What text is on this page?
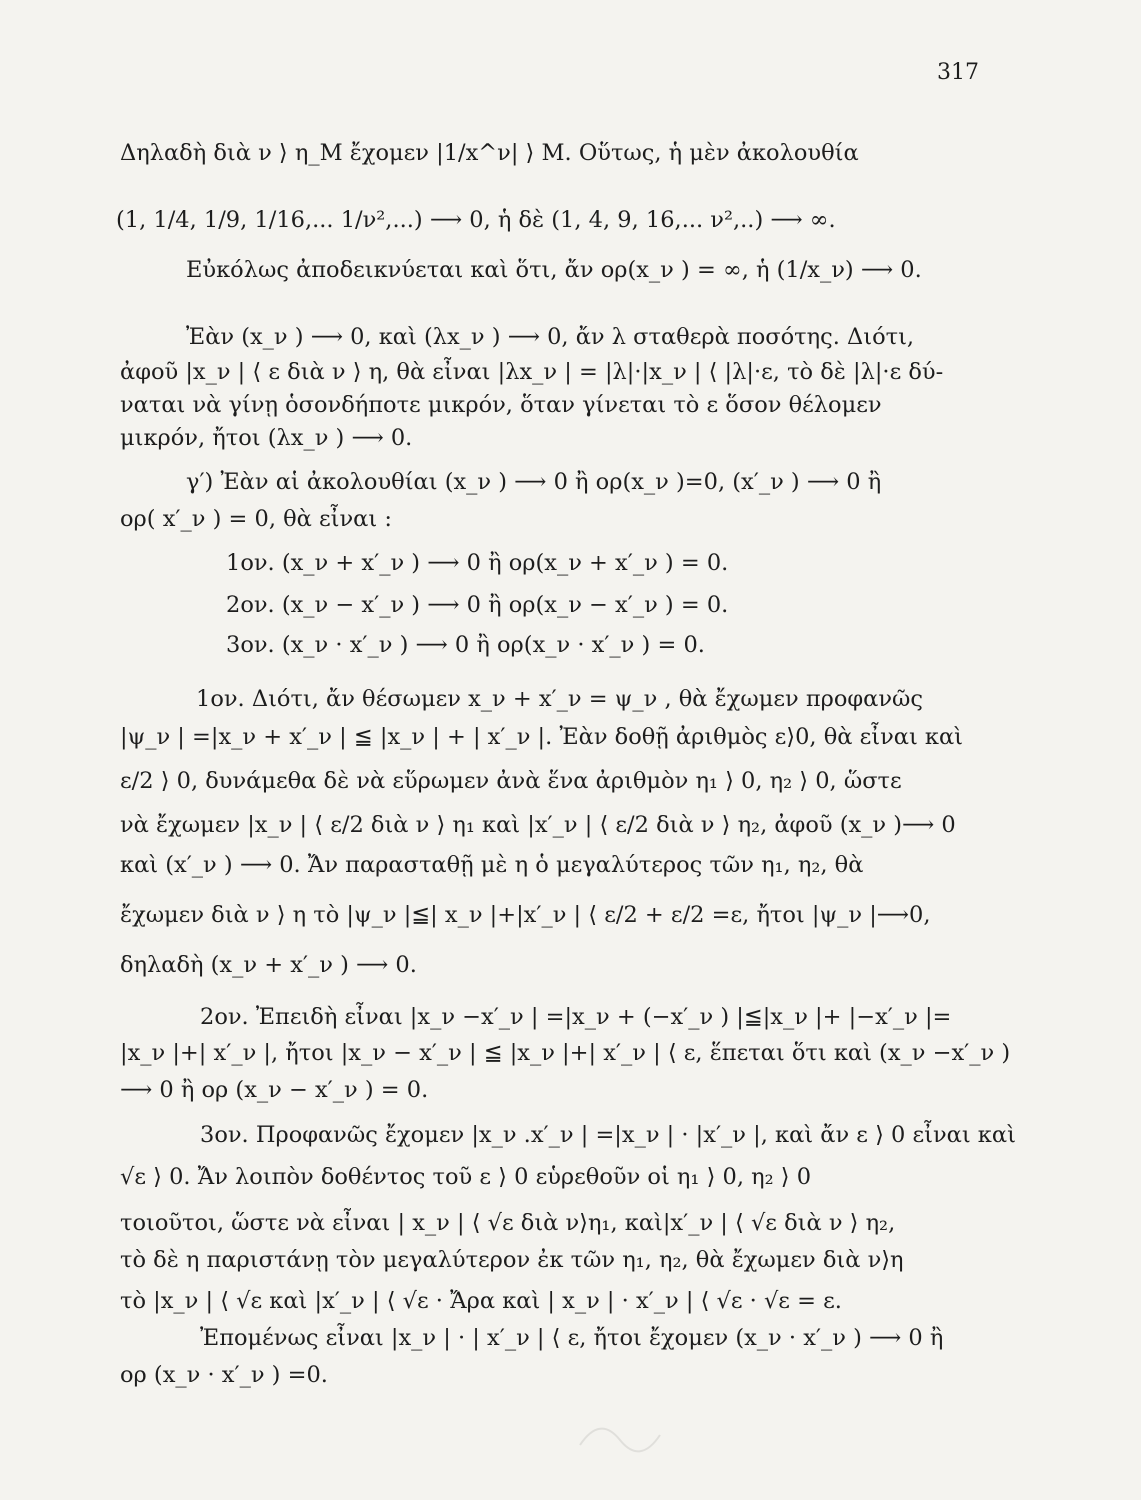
317
Δηλαδὴ διὰ ν ⟩ η_M ἔχομεν |1/x^ν| ⟩ Μ. Οὕτως, ἡ μὲν ἀκολουθία
(1, 1/4, 1/9, 1/16,... 1/ν²,...) ⟶ 0, ἡ δὲ (1, 4, 9, 16,... ν²,..) ⟶ ∞.
Εὐκόλως ἀποδεικνύεται καὶ ὅτι, ἄν ορ(x_ν ) = ∞, ἡ (1/x_ν) ⟶ 0.
Ἐὰν (x_ν ) ⟶ 0, καὶ (λx_ν ) ⟶ 0, ἄν λ σταθερὰ ποσότης. Διότι,
ἀφοῦ |x_ν | ⟨ ε διὰ ν ⟩ η, θὰ εἶναι |λx_ν | = |λ|·|x_ν | ⟨ |λ|·ε, τὸ δὲ |λ|·ε δύ-
ναται νὰ γίνῃ ὁσονδήποτε μικρόν, ὅταν γίνεται τὸ ε ὅσον θέλομεν
μικρόν, ἤτοι (λx_ν ) ⟶ 0.
γ′) Ἐὰν αἱ ἀκολουθίαι (x_ν ) ⟶ 0 ἢ ορ(x_ν )=0, (x′_ν ) ⟶ 0 ἢ
ορ( x′_ν ) = 0, θὰ εἶναι :
1ον. (x_ν + x′_ν ) ⟶ 0 ἢ ορ(x_ν + x′_ν ) = 0.
2ον. (x_ν − x′_ν ) ⟶ 0 ἢ ορ(x_ν − x′_ν ) = 0.
3ον. (x_ν · x′_ν ) ⟶ 0 ἢ ορ(x_ν · x′_ν ) = 0.
1ον. Διότι, ἄν θέσωμεν x_ν + x′_ν = ψ_ν , θὰ ἔχωμεν προφανῶς
|ψ_ν | =|x_ν + x′_ν | ≦ |x_ν | + | x′_ν |. Ἐὰν δοθῇ ἀριθμὸς ε⟩0, θὰ εἶναι καὶ
ε/2 ⟩ 0, δυνάμεθα δὲ νὰ εὕρωμεν ἀνὰ ἕνα ἀριθμὸν η₁ ⟩ 0, η₂ ⟩ 0, ὥστε
νὰ ἔχωμεν |x_ν | ⟨ ε/2 διὰ ν ⟩ η₁ καὶ |x′_ν | ⟨ ε/2 διὰ ν ⟩ η₂, ἀφοῦ (x_ν )⟶ 0
καὶ (x′_ν ) ⟶ 0. Ἄν παρασταθῇ μὲ η ὁ μεγαλύτερος τῶν η₁, η₂, θὰ
ἔχωμεν διὰ ν ⟩ η τὸ |ψ_ν |≦| x_ν |+|x′_ν | ⟨ ε/2 + ε/2 =ε, ἤτοι |ψ_ν |⟶0,
δηλαδὴ (x_ν + x′_ν ) ⟶ 0.
2ον. Ἐπειδὴ εἶναι |x_ν −x′_ν | =|x_ν + (−x′_ν ) |≦|x_ν |+ |−x′_ν |=
|x_ν |+| x′_ν |, ἤτοι |x_ν − x′_ν | ≦ |x_ν |+| x′_ν | ⟨ ε, ἕπεται ὅτι καὶ (x_ν −x′_ν )
⟶ 0 ἢ ορ (x_ν − x′_ν ) = 0.
3ον. Προφανῶς ἔχομεν |x_ν .x′_ν | =|x_ν | · |x′_ν |, καὶ ἄν ε ⟩ 0 εἶναι καὶ
√ε ⟩ 0. Ἄν λοιπὸν δοθέντος τοῦ ε ⟩ 0 εὑρεθοῦν οἱ η₁ ⟩ 0, η₂ ⟩ 0
τοιοῦτοι, ὥστε νὰ εἶναι | x_ν | ⟨ √ε διὰ ν⟩η₁, καὶ|x′_ν | ⟨ √ε διὰ ν ⟩ η₂,
τὸ δὲ η παριστάνῃ τὸν μεγαλύτερον ἐκ τῶν η₁, η₂, θὰ ἔχωμεν διὰ ν⟩η
τὸ |x_ν | ⟨ √ε καὶ |x′_ν | ⟨ √ε · Ἄρα καὶ | x_ν | · x′_ν | ⟨ √ε · √ε = ε.
Ἐπομένως εἶναι |x_ν | · | x′_ν | ⟨ ε, ἤτοι ἔχομεν (x_ν · x′_ν ) ⟶ 0 ἢ
ορ (x_ν · x′_ν ) =0.
